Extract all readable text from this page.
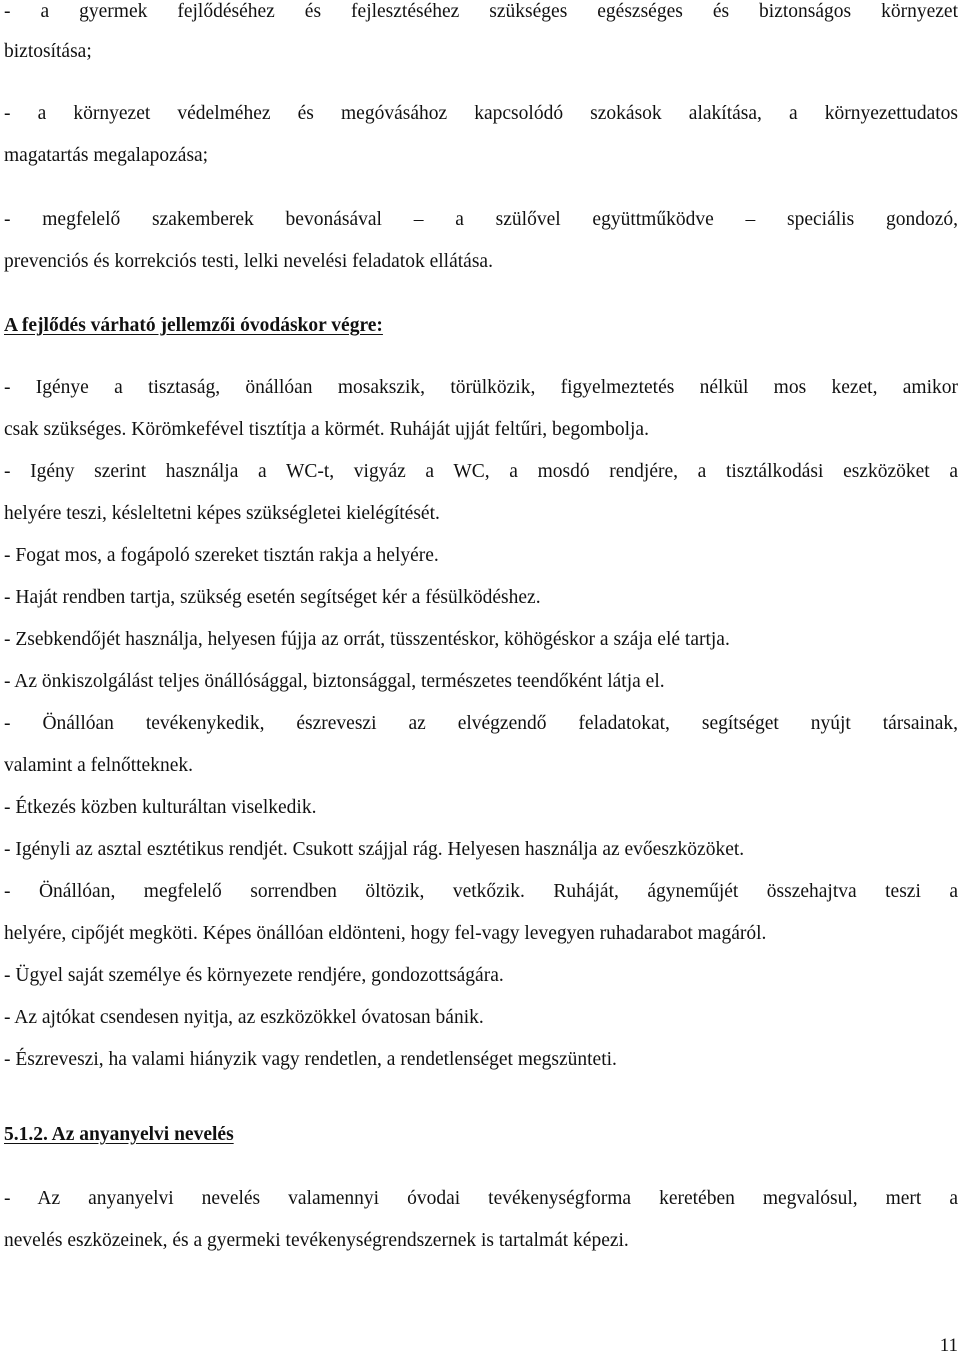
- a gyermek fejlődéséhez és fejlesztéséhez szükséges egészséges és biztonságos környezet

biztosítása;

- a környezet védelméhez és megóvásához kapcsolódó szokások alakítása, a környezettudatos

magatartás megalapozása;

- megfelelő szakemberek bevonásával – a szülővel együttműködve – speciális gondozó,

prevenciós és korrekciós testi, lelki nevelési feladatok ellátása.

A fejlődés várható jellemzői óvodáskor végre:

- Igénye a tisztaság, önállóan mosakszik, törülközik, figyelmeztetés nélkül mos kezet, amikor

csak szükséges. Körömkefével tisztítja a körmét. Ruháját ujját feltűri, begombolja.

- Igény szerint használja a WC-t, vigyáz a WC, a mosdó rendjére, a tisztálkodási eszközöket a

helyére teszi, késleltetni képes szükségletei kielégítését.

- Fogat mos, a fogápoló szereket tisztán rakja a helyére.

- Haját rendben tartja, szükség esetén segítséget kér a fésülködéshez.

- Zsebkendőjét használja, helyesen fújja az orrát, tüsszentéskor, köhögéskor a szája elé tartja.

- Az önkiszolgálást teljes önállósággal, biztonsággal, természetes teendőként látja el.

- Önállóan tevékenykedik, észreveszi az elvégzendő feladatokat, segítséget nyújt társainak,

valamint a felnőtteknek.

- Étkezés közben kulturáltan viselkedik.

- Igényli az asztal esztétikus rendjét. Csukott szájjal rág. Helyesen használja az evőeszközöket.

- Önállóan, megfelelő sorrendben öltözik, vetkőzik. Ruháját, ágyneműjét összehajtva teszi a

helyére, cipőjét megköti. Képes önállóan eldönteni, hogy fel-vagy levegyen ruhadarabot magáról.

- Ügyel saját személye és környezete rendjére, gondozottságára.

- Az ajtókat csendesen nyitja, az eszközökkel óvatosan bánik.

- Észreveszi, ha valami hiányzik vagy rendetlen, a rendetlenséget megszünteti.

5.1.2. Az anyanyelvi nevelés

- Az anyanyelvi nevelés valamennyi óvodai tevékenységforma keretében megvalósul, mert a

nevelés eszközeinek, és a gyermeki tevékenységrendszernek is tartalmát képezi.

11
